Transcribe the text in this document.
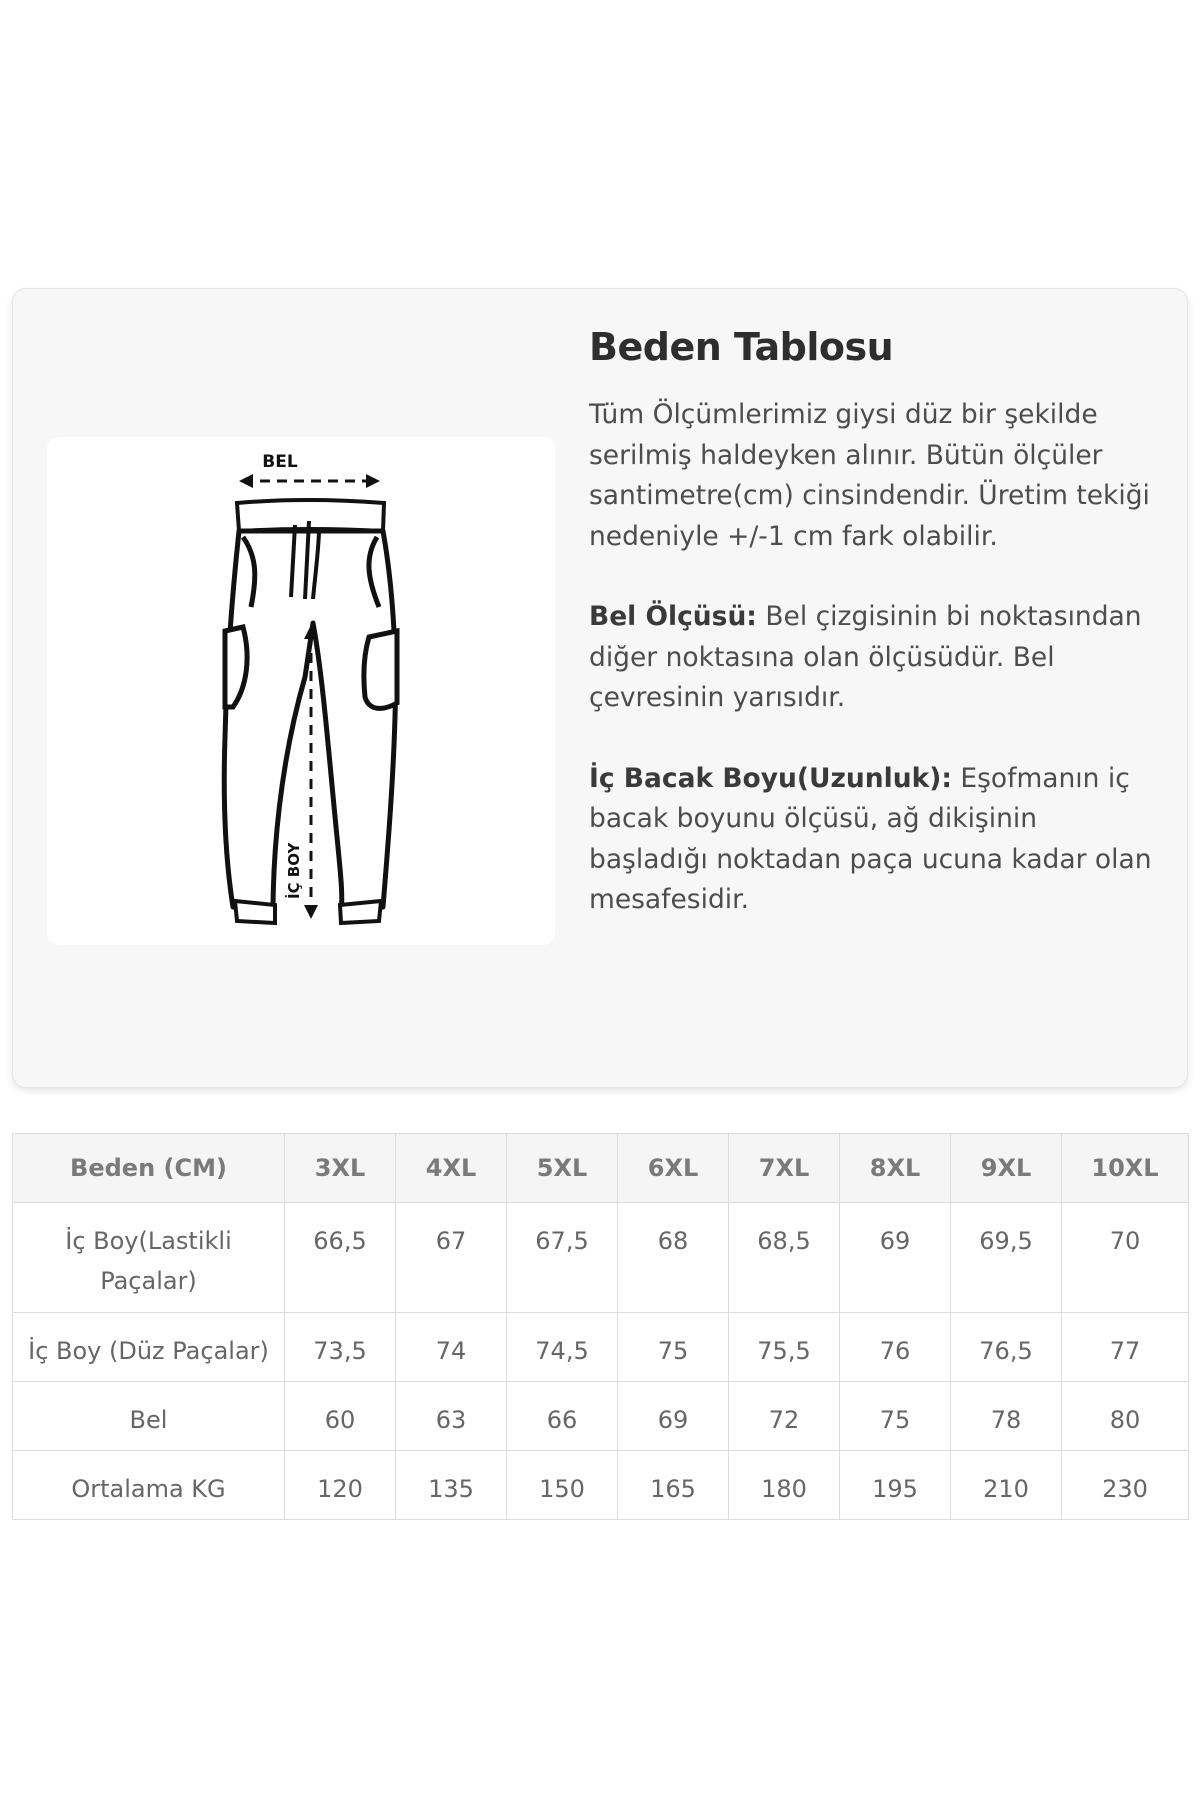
BEL
İÇ BOY
Beden Tablosu

Tüm Ölçümlerimiz giysi düz bir şekilde serilmiş haldeyken alınır. Bütün ölçüler santimetre(cm) cinsindendir. Üretim tekiği nedeniyle +/-1 cm fark olabilir.

Bel Ölçüsü: Bel çizgisinin bi noktasından diğer noktasına olan ölçüsüdür. Bel çevresinin yarısıdır.

İç Bacak Boyu(Uzunluk): Eşofmanın iç bacak boyunu ölçüsü, ağ dikişinin başladığı noktadan paça ucuna kadar olan mesafesidir.

Beden (CM)	3XL	4XL	5XL	6XL	7XL	8XL	9XL	10XL
İç Boy(Lastikli Paçalar)	66,5	67	67,5	68	68,5	69	69,5	70
İç Boy (Düz Paçalar)	73,5	74	74,5	75	75,5	76	76,5	77
Bel	60	63	66	69	72	75	78	80
Ortalama KG	120	135	150	165	180	195	210	230
